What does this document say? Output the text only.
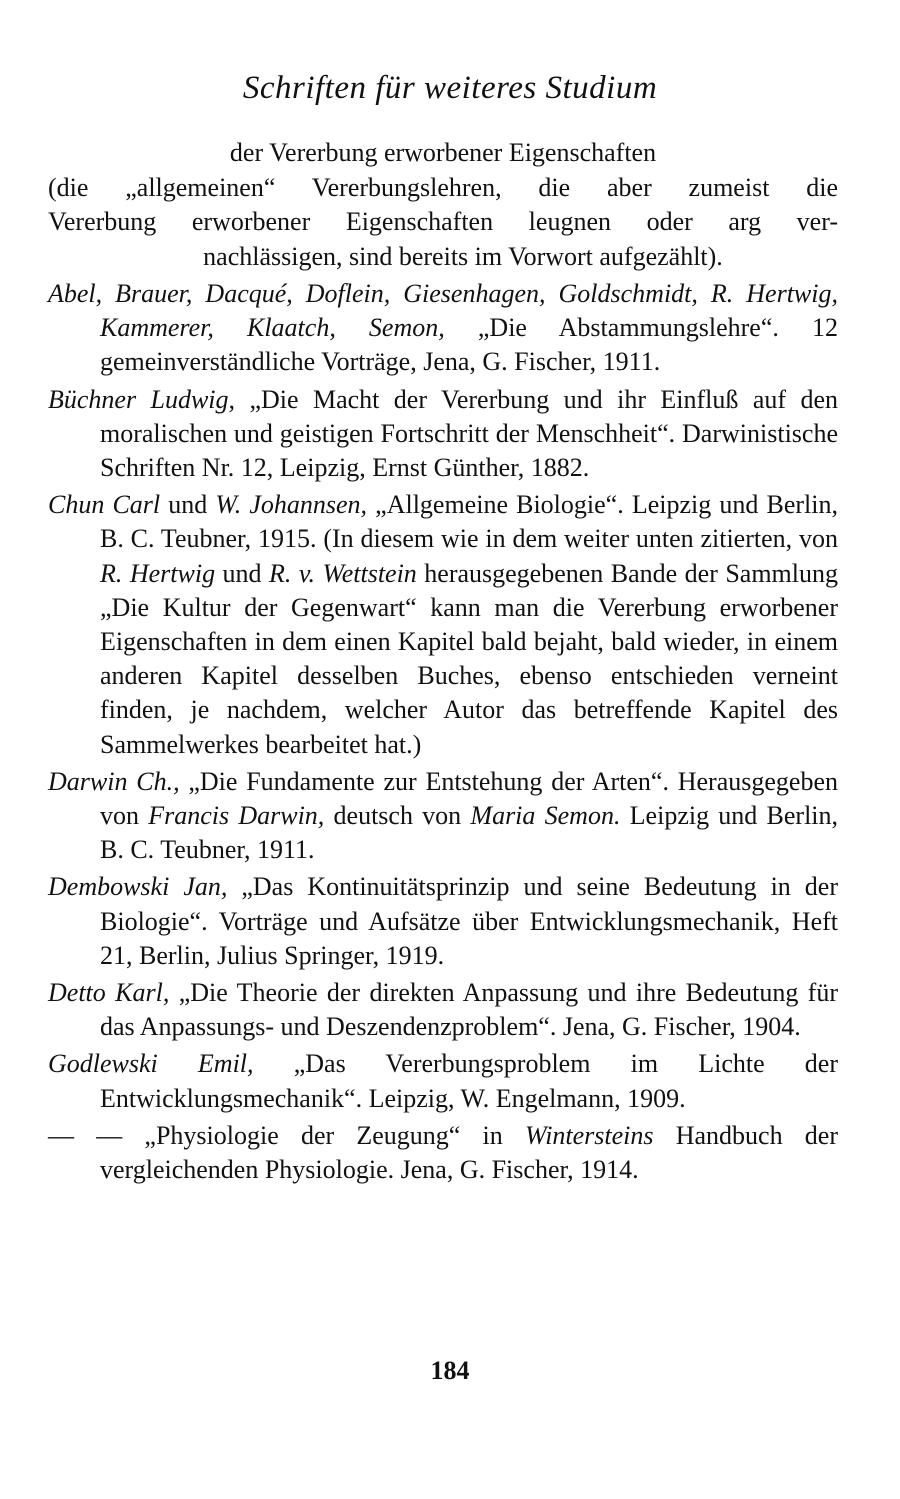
Schriften für weiteres Studium
der Vererbung erworbener Eigenschaften
(die „allgemeinen“ Vererbungslehren, die aber zumeist die
Vererbung erworbener Eigenschaften leugnen oder arg ver-
nachlässigen, sind bereits im Vorwort aufgezählt).

Abel, Brauer, Dacqué, Doflein, Giesenhagen, Goldschmidt, R. Hertwig, Kammerer, Klaatch, Semon, „Die Abstammungslehre“. 12 gemeinverständliche Vorträge, Jena, G. Fischer, 1911.

Büchner Ludwig, „Die Macht der Vererbung und ihr Einfluß auf den moralischen und geistigen Fortschritt der Menschheit“. Darwinistische Schriften Nr. 12, Leipzig, Ernst Günther, 1882.

Chun Carl und W. Johannsen, „Allgemeine Biologie“. Leipzig und Berlin, B. C. Teubner, 1915. (In diesem wie in dem weiter unten zitierten, von R. Hertwig und R. v. Wettstein herausgegebenen Bande der Sammlung „Die Kultur der Gegenwart“ kann man die Vererbung erworbener Eigenschaften in dem einen Kapitel bald bejaht, bald wieder, in einem anderen Kapitel desselben Buches, ebenso entschieden verneint finden, je nachdem, welcher Autor das betreffende Kapitel des Sammelwerkes bearbeitet hat.)

Darwin Ch., „Die Fundamente zur Entstehung der Arten“. Herausgegeben von Francis Darwin, deutsch von Maria Semon. Leipzig und Berlin, B. C. Teubner, 1911.

Dembowski Jan, „Das Kontinuitätsprinzip und seine Bedeutung in der Biologie“. Vorträge und Aufsätze über Entwicklungsmechanik, Heft 21, Berlin, Julius Springer, 1919.

Detto Karl, „Die Theorie der direkten Anpassung und ihre Bedeutung für das Anpassungs- und Deszendenzproblem“. Jena, G. Fischer, 1904.

Godlewski Emil, „Das Vererbungsproblem im Lichte der Entwicklungsmechanik“. Leipzig, W. Engelmann, 1909.

— — „Physiologie der Zeugung“ in Wintersteins Handbuch der vergleichenden Physiologie. Jena, G. Fischer, 1914.

184
